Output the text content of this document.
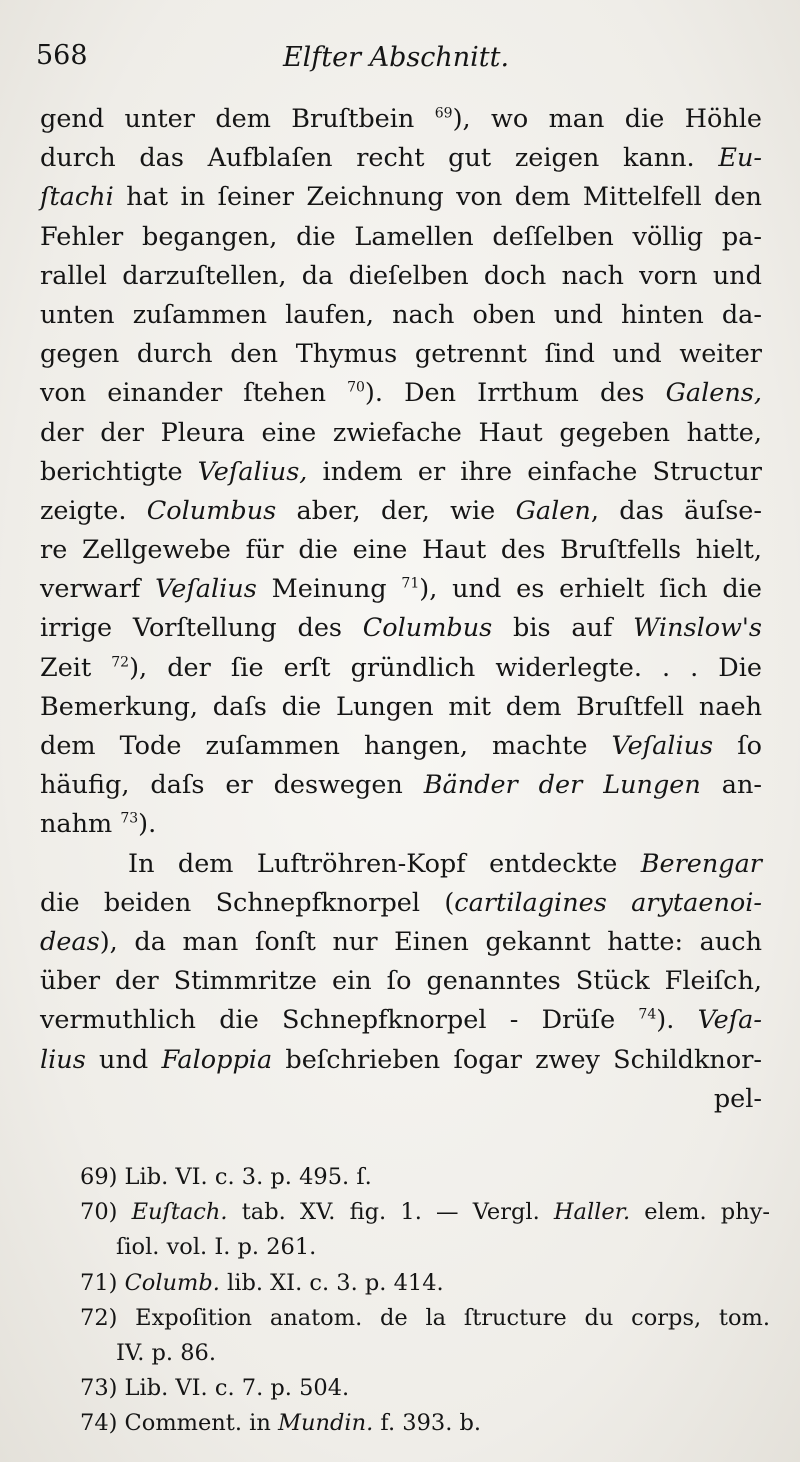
568	Elfter Abschnitt.
gend unter dem Bruſtbein $^{69}$), wo man die Höhle
durch das Aufblaſen recht gut zeigen kann. Eu-
ſtachi hat in ſeiner Zeichnung von dem Mittelfell den
Fehler begangen, die Lamellen deſſelben völlig pa-
rallel darzuſtellen, da dieſelben doch nach vorn und
unten zuſammen laufen, nach oben und hinten da-
gegen durch den Thymus getrennt ſind und weiter
von einander ſtehen $^{70}$). Den Irrthum des Galens,
der der Pleura eine zwiefache Haut gegeben hatte,
berichtigte Veſalius, indem er ihre einfache Structur
zeigte. Columbus aber, der, wie Galen, das äuſse-
re Zellgewebe für die eine Haut des Bruſtfells hielt,
verwarf Veſalius Meinung $^{71}$), und es erhielt ſich die
irrige Vorſtellung des Columbus bis auf Winslow's
Zeit $^{72}$), der ſie erſt gründlich widerlegte. . . Die
Bemerkung, daſs die Lungen mit dem Bruſtfell naeh
dem Tode zuſammen hangen, machte Veſalius ſo
häufig, daſs er deswegen Bänder der Lungen an-
nahm $^{73}$).
In dem Luftröhren-Kopf entdeckte Berengar
die beiden Schnepfknorpel (cartilagines arytaenoi-
deas), da man ſonſt nur Einen gekannt hatte: auch
über der Stimmritze ein ſo genanntes Stück Fleiſch,
vermuthlich die Schnepfknorpel - Drüſe $^{74}$). Veſa-
lius und Faloppia beſchrieben ſogar zwey Schildknor-
pel-
69) Lib. VI. c. 3. p. 495. ſ.
70) Euſtach. tab. XV. fig. 1. — Vergl. Haller. elem. phy-
ſiol. vol. I. p. 261.
71) Columb. lib. XI. c. 3. p. 414.
72) Expoſition anatom. de la ſtructure du corps, tom.
IV. p. 86.
73) Lib. VI. c. 7. p. 504.
74) Comment. in Mundin. f. 393. b.
